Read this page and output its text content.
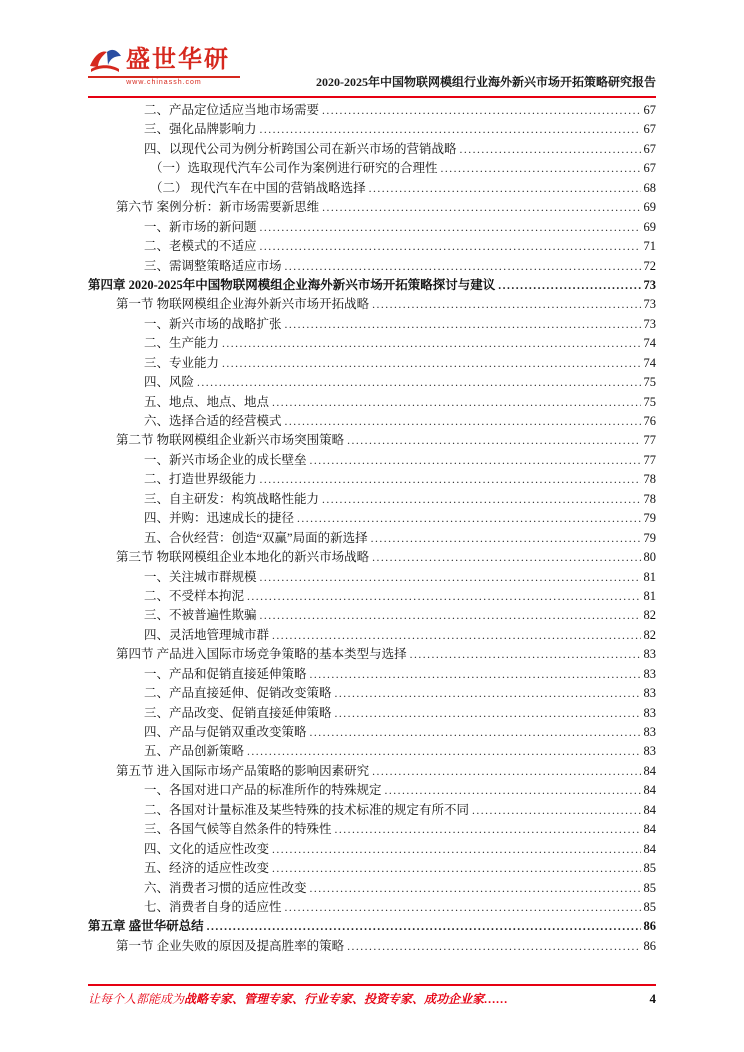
盛世华研
www.chinassh.com	2020-2025年中国物联网模组行业海外新兴市场开拓策略研究报告
二、产品定位适应当地市场需要 .....	67
三、强化品牌影响力 .....	67
四、以现代公司为例分析跨国公司在新兴市场的营销战略 .....	67
（一）选取现代汽车公司作为案例进行研究的合理性 .....	67
（二） 现代汽车在中国的营销战略选择 .....	68
第六节 案例分析：新市场需要新思维 .....	69
一、新市场的新问题 .....	69
二、老模式的不适应 .....	71
三、需调整策略适应市场 .....	72
第四章 2020-2025年中国物联网模组企业海外新兴市场开拓策略探讨与建议 .....	73
第一节 物联网模组企业海外新兴市场开拓战略 .....	73
一、新兴市场的战略扩张 .....	73
二、生产能力 .....	74
三、专业能力 .....	74
四、风险 .....	75
五、地点、地点、地点 .....	75
六、选择合适的经营模式 .....	76
第二节 物联网模组企业新兴市场突围策略 .....	77
一、新兴市场企业的成长壁垒 .....	77
二、打造世界级能力 .....	78
三、自主研发：构筑战略性能力 .....	78
四、并购：迅速成长的捷径 .....	79
五、合伙经营：创造“双赢”局面的新选择 .....	79
第三节 物联网模组企业本地化的新兴市场战略 .....	80
一、关注城市群规模 .....	81
二、不受样本拘泥 .....	81
三、不被普遍性欺骗 .....	82
四、灵活地管理城市群 .....	82
第四节 产品进入国际市场竞争策略的基本类型与选择 .....	83
一、产品和促销直接延伸策略 .....	83
二、产品直接延伸、促销改变策略 .....	83
三、产品改变、促销直接延伸策略 .....	83
四、产品与促销双重改变策略 .....	83
五、产品创新策略 .....	83
第五节 进入国际市场产品策略的影响因素研究 .....	84
一、各国对进口产品的标准所作的特殊规定 .....	84
二、各国对计量标准及某些特殊的技术标准的规定有所不同 .....	84
三、各国气候等自然条件的特殊性 .....	84
四、文化的适应性改变 .....	84
五、经济的适应性改变 .....	85
六、消费者习惯的适应性改变 .....	85
七、消费者自身的适应性 .....	85
第五章 盛世华研总结 .....	86
第一节 企业失败的原因及提高胜率的策略 .....	86
让每个人都能成为战略专家、管理专家、行业专家、投资专家、成功企业家……	4
